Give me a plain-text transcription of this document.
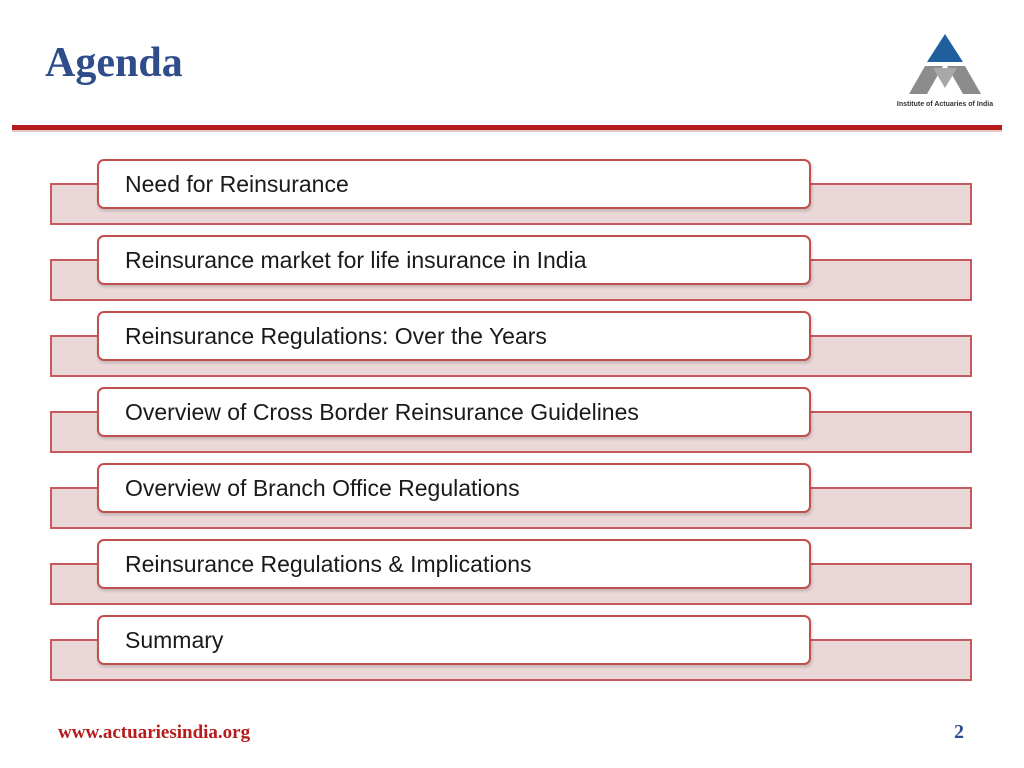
Agenda
Institute of Actuaries of India
Need for Reinsurance
Reinsurance market for life insurance in India
Reinsurance Regulations: Over the Years
Overview of Cross Border Reinsurance Guidelines
Overview of Branch Office Regulations
Reinsurance Regulations & Implications
Summary
www.actuariesindia.org	2
